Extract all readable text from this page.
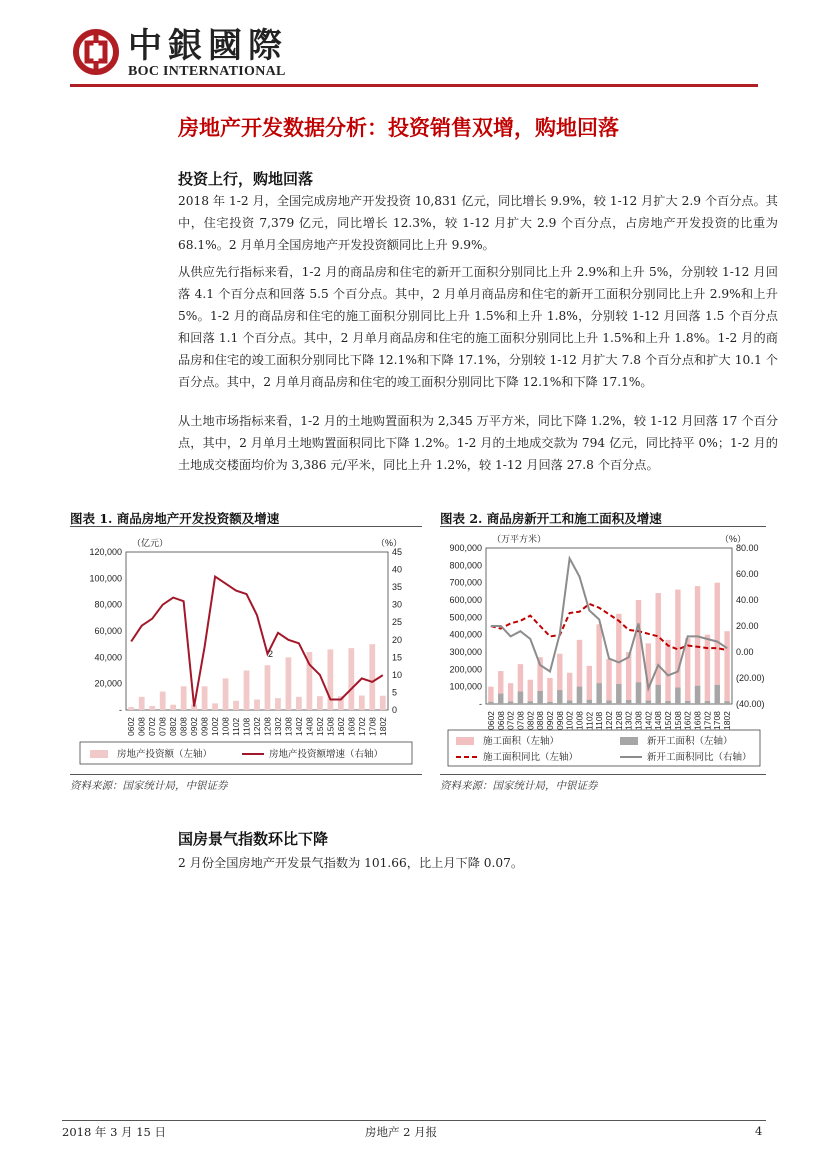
中銀國際
BOC INTERNATIONAL
房地产开发数据分析：投资销售双增，购地回落
投资上行，购地回落
2018 年 1-2 月，全国完成房地产开发投资 10,831 亿元，同比增长 9.9%，较 1-12 月扩大 2.9 个百分点。其中，住宅投资 7,379 亿元，同比增长 12.3%，较 1-12 月扩大 2.9 个百分点，占房地产开发投资的比重为 68.1%。2 月单月全国房地产开发投资额同比上升 9.9%。
从供应先行指标来看，1-2 月的商品房和住宅的新开工面积分别同比上升 2.9%和上升 5%，分别较 1-12 月回落 4.1 个百分点和回落 5.5 个百分点。其中，2 月单月商品房和住宅的新开工面积分别同比上升 2.9%和上升 5%。1-2 月的商品房和住宅的施工面积分别同比上升 1.5%和上升 1.8%，分别较 1-12 月回落 1.5 个百分点和回落 1.1 个百分点。其中，2 月单月商品房和住宅的施工面积分别同比上升 1.5%和上升 1.8%。1-2 月的商品房和住宅的竣工面积分别同比下降 12.1%和下降 17.1%，分别较 1-12 月扩大 7.8 个百分点和扩大 10.1 个百分点。其中，2 月单月商品房和住宅的竣工面积分别同比下降 12.1%和下降 17.1%。
从土地市场指标来看，1-2 月的土地购置面积为 2,345 万平方米，同比下降 1.2%，较 1-12 月回落 17 个百分点，其中，2 月单月土地购置面积同比下降 1.2%。1-2 月的土地成交款为 794 亿元，同比持平 0%；1-2 月的土地成交楼面均价为 3,386 元/平米，同比上升 1.2%，较 1-12 月回落 27.8 个百分点。
图表 1. 商品房地产开发投资额及增速
120,000
100,000
80,000
60,000
40,000
20,000
-
45
40
35
30
25
20
15
10
5
0
（亿元）	（%）
0602 0608 0702 0708 0802 0808 0902 0908 1002 1008 1102 1108 1202 1208 1302 1308 1402 1408 1502 1508 1602 1608 1702 1708 1802
2
房地产投资额（左轴）	房地产投资额增速（右轴）
资料来源：国家统计局，中银证券
图表 2. 商品房新开工和施工面积及增速
900,000
800,000
700,000
600,000
500,000
400,000
300,000
200,000
100,000
-
80.00
60.00
40.00
20.00
0.00
(20.00)
(40.00)
（万平方米）	（%）
0602 0608 0702 0708 0802 0808 0902 0908 1002 1008 1102 1108 1202 1208 1302 1308 1402 1408 1502 1508 1602 1608 1702 1708 1802
施工面积（左轴）	新开工面积（左轴）
施工面积同比（左轴）	新开工面积同比（右轴）
资料来源：国家统计局，中银证券
国房景气指数环比下降
2 月份全国房地产开发景气指数为 101.66，比上月下降 0.07。
2018 年 3 月 15 日	房地产 2 月报	4
